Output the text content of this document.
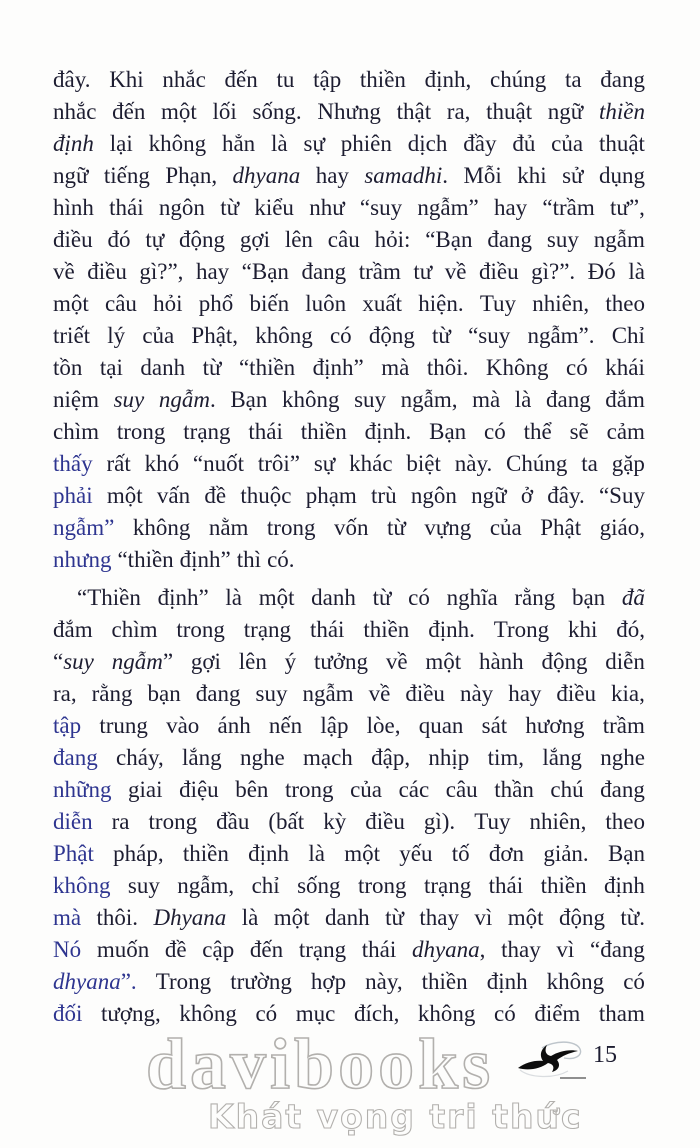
đây. Khi nhắc đến tu tập thiền định, chúng ta đang
nhắc đến một lối sống. Nhưng thật ra, thuật ngữ thiền
định lại không hẳn là sự phiên dịch đầy đủ của thuật
ngữ tiếng Phạn, dhyana hay samadhi. Mỗi khi sử dụng
hình thái ngôn từ kiểu như “suy ngẫm” hay “trầm tư”,
điều đó tự động gợi lên câu hỏi: “Bạn đang suy ngẫm
về điều gì?”, hay “Bạn đang trầm tư về điều gì?”. Đó là
một câu hỏi phổ biến luôn xuất hiện. Tuy nhiên, theo
triết lý của Phật, không có động từ “suy ngẫm”. Chỉ
tồn tại danh từ “thiền định” mà thôi. Không có khái
niệm suy ngẫm. Bạn không suy ngẫm, mà là đang đắm
chìm trong trạng thái thiền định. Bạn có thể sẽ cảm
thấy rất khó “nuốt trôi” sự khác biệt này. Chúng ta gặp
phải một vấn đề thuộc phạm trù ngôn ngữ ở đây. “Suy
ngẫm” không nằm trong vốn từ vựng của Phật giáo,
nhưng “thiền định” thì có.
“Thiền định” là một danh từ có nghĩa rằng bạn đã
đắm chìm trong trạng thái thiền định. Trong khi đó,
“suy ngẫm” gợi lên ý tưởng về một hành động diễn
ra, rằng bạn đang suy ngẫm về điều này hay điều kia,
tập trung vào ánh nến lập lòe, quan sát hương trầm
đang cháy, lắng nghe mạch đập, nhịp tim, lắng nghe
những giai điệu bên trong của các câu thần chú đang
diễn ra trong đầu (bất kỳ điều gì). Tuy nhiên, theo
Phật pháp, thiền định là một yếu tố đơn giản. Bạn
không suy ngẫm, chỉ sống trong trạng thái thiền định
mà thôi. Dhyana là một danh từ thay vì một động từ.
Nó muốn đề cập đến trạng thái dhyana, thay vì “đang
dhyana”. Trong trường hợp này, thiền định không có
đối tượng, không có mục đích, không có điểm tham
davibooks	15
Khát vọng tri thức
